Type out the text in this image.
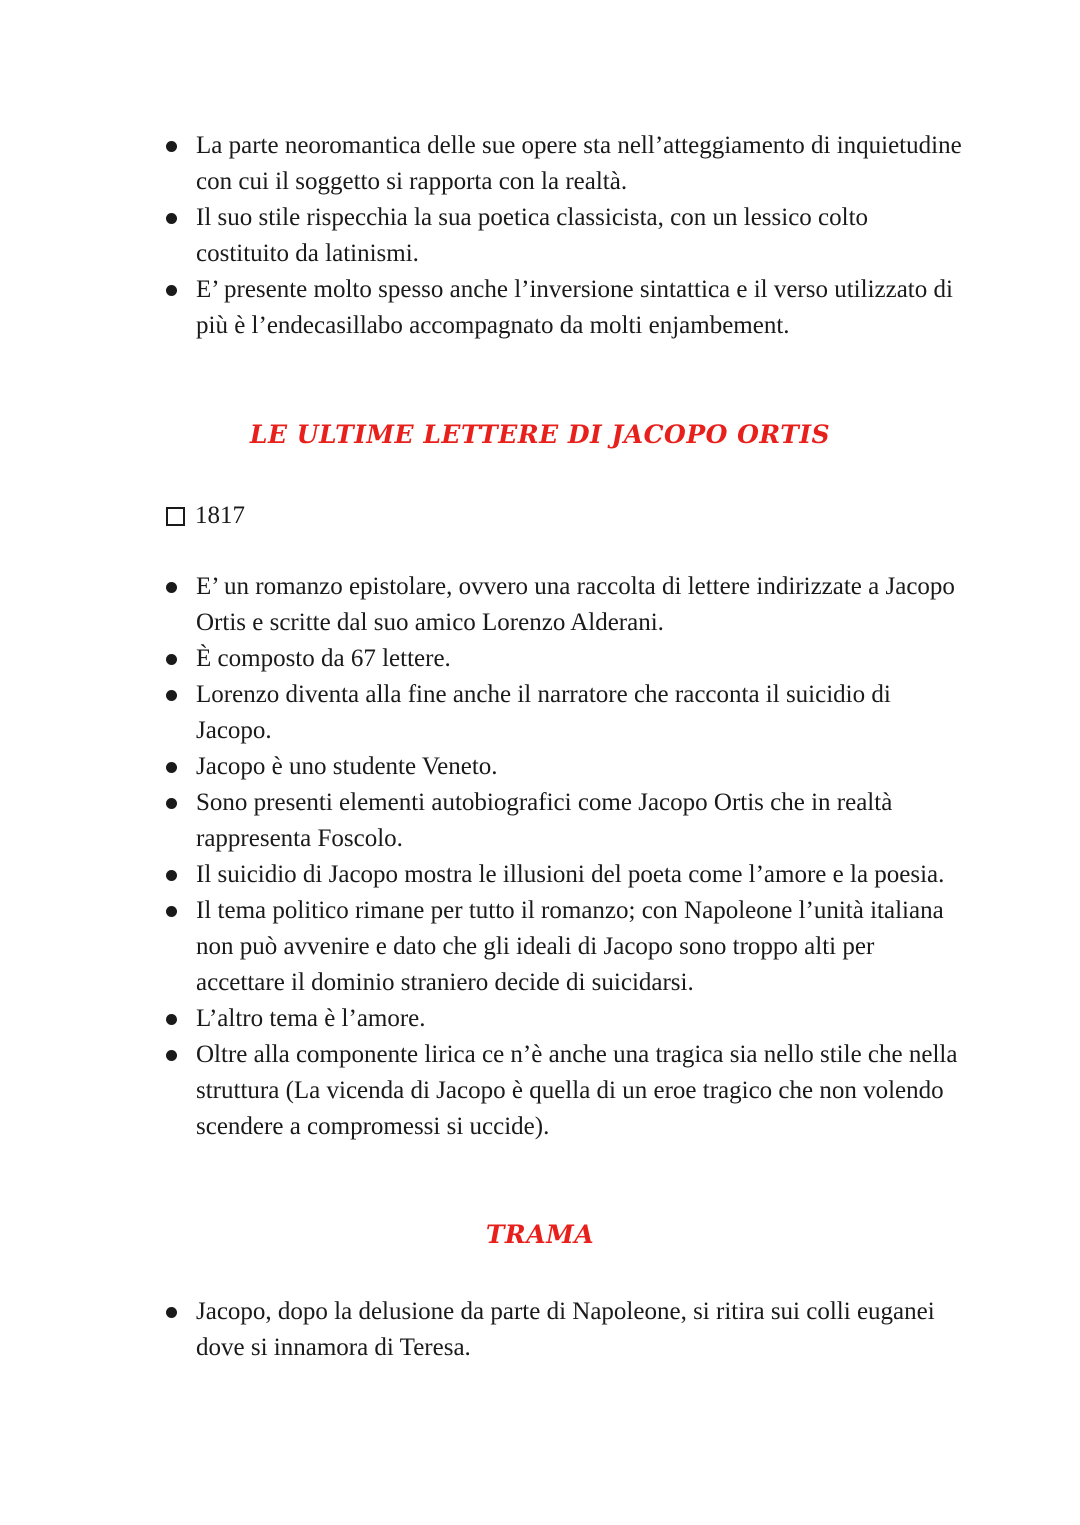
La parte neoromantica delle sue opere sta nell’atteggiamento di inquietudine con cui il soggetto si rapporta con la realtà.
Il suo stile rispecchia la sua poetica classicista, con un lessico colto costituito da latinismi.
E’ presente molto spesso anche l’inversione sintattica e il verso utilizzato di più è l’endecasillabo accompagnato da molti enjambement.
LE ULTIME LETTERE DI JACOPO ORTIS
1817
E’ un romanzo epistolare, ovvero una raccolta di lettere indirizzate a Jacopo Ortis e scritte dal suo amico Lorenzo Alderani.
È composto da 67 lettere.
Lorenzo diventa alla fine anche il narratore che racconta il suicidio di Jacopo.
Jacopo è uno studente Veneto.
Sono presenti elementi autobiografici come Jacopo Ortis che in realtà rappresenta Foscolo.
Il suicidio di Jacopo mostra le illusioni del poeta come l’amore e la poesia.
Il tema politico rimane per tutto il romanzo; con Napoleone l’unità italiana non può avvenire e dato che gli ideali di Jacopo sono troppo alti per accettare il dominio straniero decide di suicidarsi.
L’altro tema è l’amore.
Oltre alla componente lirica ce n’è anche una tragica sia nello stile che nella struttura (La vicenda di Jacopo è quella di un eroe tragico che non volendo scendere a compromessi si uccide).
TRAMA
Jacopo, dopo la delusione da parte di Napoleone, si ritira sui colli euganei dove si innamora di Teresa.
